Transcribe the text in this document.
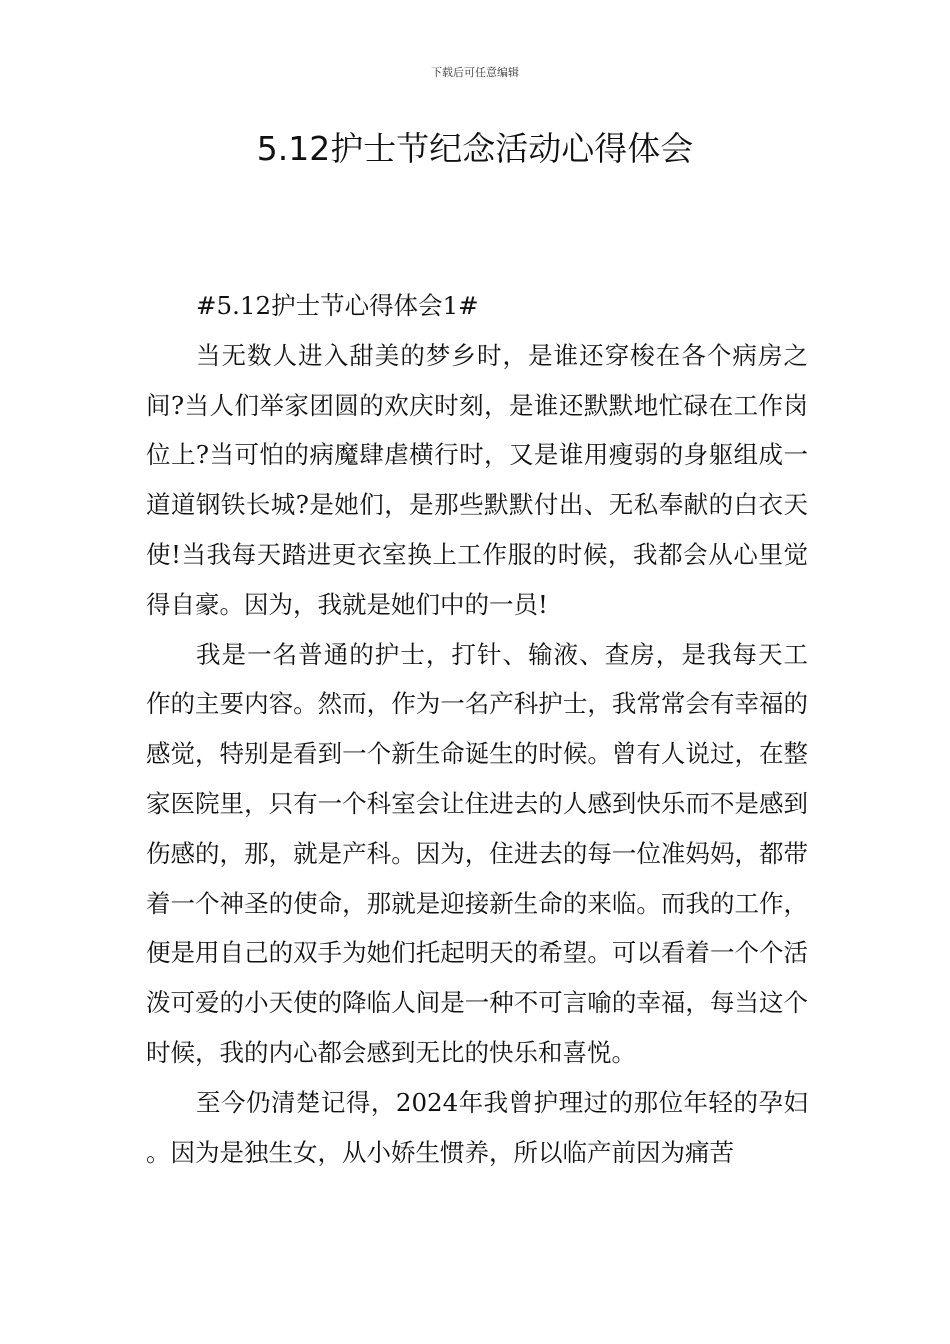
下载后可任意编辑
5.12护士节纪念活动心得体会
#5.12护士节心得体会1#

当无数人进入甜美的梦乡时，是谁还穿梭在各个病房之间?当人们举家团圆的欢庆时刻，是谁还默默地忙碌在工作岗位上?当可怕的病魔肆虐横行时，又是谁用瘦弱的身躯组成一道道钢铁长城?是她们，是那些默默付出、无私奉献的白衣天使!当我每天踏进更衣室换上工作服的时候，我都会从心里觉得自豪。因为，我就是她们中的一员!

我是一名普通的护士，打针、输液、查房，是我每天工作的主要内容。然而，作为一名产科护士，我常常会有幸福的感觉，特别是看到一个新生命诞生的时候。曾有人说过，在整家医院里，只有一个科室会让住进去的人感到快乐而不是感到伤感的，那，就是产科。因为，住进去的每一位准妈妈，都带着一个神圣的使命，那就是迎接新生命的来临。而我的工作，便是用自己的双手为她们托起明天的希望。可以看着一个个活泼可爱的小天使的降临人间是一种不可言喻的幸福，每当这个时候，我的内心都会感到无比的快乐和喜悦。

至今仍清楚记得，2024年我曾护理过的那位年轻的孕妇。因为是独生女，从小娇生惯养，所以临产前因为痛苦
